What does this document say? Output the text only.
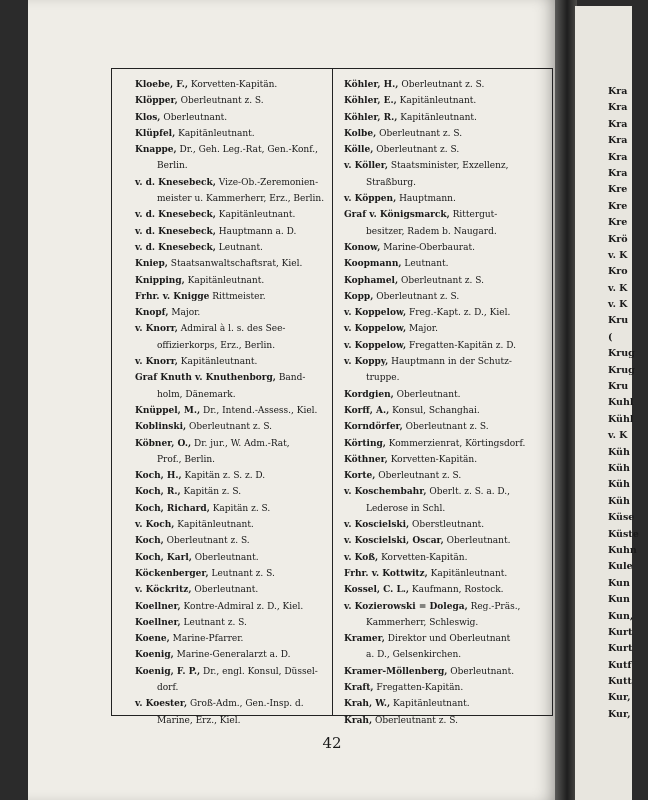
Kloebe, F., Korvetten-Kapitän.
Klöpper, Oberleutnant z. S.
Klos, Oberleutnant.
Klüpfel, Kapitänleutnant.
Knappe, Dr., Geh. Leg.-Rat, Gen.-Konf.,
Berlin.
v. d. Knesebeck, Vize-Ob.-Zeremonien-
meister u. Kammerherr, Erz., Berlin.
v. d. Knesebeck, Kapitänleutnant.
v. d. Knesebeck, Hauptmann a. D.
v. d. Knesebeck, Leutnant.
Kniep, Staatsanwaltschaftsrat, Kiel.
Knipping, Kapitänleutnant.
Frhr. v. Knigge Rittmeister.
Knopf, Major.
v. Knorr, Admiral à l. s. des See-
offizierkorps, Erz., Berlin.
v. Knorr, Kapitänleutnant.
Graf Knuth v. Knuthenborg, Band-
holm, Dänemark.
Knüppel, M., Dr., Intend.-Assess., Kiel.
Koblinski, Oberleutnant z. S.
Köbner, O., Dr. jur., W. Adm.-Rat,
Prof., Berlin.
Koch, H., Kapitän z. S. z. D.
Koch, R., Kapitän z. S.
Koch, Richard, Kapitän z. S.
v. Koch, Kapitänleutnant.
Koch, Oberleutnant z. S.
Koch, Karl, Oberleutnant.
Köckenberger, Leutnant z. S.
v. Köckritz, Oberleutnant.
Koellner, Kontre-Admiral z. D., Kiel.
Koellner, Leutnant z. S.
Koene, Marine-Pfarrer.
Koenig, Marine-Generalarzt a. D.
Koenig, F. P., Dr., engl. Konsul, Düssel-
dorf.
v. Koester, Groß-Adm., Gen.-Insp. d.
Marine, Erz., Kiel.
Köhler, H., Oberleutnant z. S.
Köhler, E., Kapitänleutnant.
Köhler, R., Kapitänleutnant.
Kolbe, Oberleutnant z. S.
Kölle, Oberleutnant z. S.
v. Köller, Staatsminister, Exzellenz,
Straßburg.
v. Köppen, Hauptmann.
Graf v. Königsmarck, Rittergut-
besitzer, Radem b. Naugard.
Konow, Marine-Oberbaurat.
Koopmann, Leutnant.
Kophamel, Oberleutnant z. S.
Kopp, Oberleutnant z. S.
v. Koppelow, Freg.-Kapt. z. D., Kiel.
v. Koppelow, Major.
v. Koppelow, Fregatten-Kapitän z. D.
v. Koppy, Hauptmann in der Schutz-
truppe.
Kordgien, Oberleutnant.
Korff, A., Konsul, Schanghai.
Korndörfer, Oberleutnant z. S.
Körting, Kommerzienrat, Körtingsdorf.
Köthner, Korvetten-Kapitän.
Korte, Oberleutnant z. S.
v. Koschembahr, Oberlt. z. S. a. D.,
Lederose in Schl.
v. Koscielski, Oberstleutnant.
v. Koscielski, Oscar, Oberleutnant.
v. Koß, Korvetten-Kapitän.
Frhr. v. Kottwitz, Kapitänleutnant.
Kossel, C. L., Kaufmann, Rostock.
v. Kozierowski = Dolega, Reg.-Präs.,
Kammerherr, Schleswig.
Kramer, Direktor und Oberleutnant
a. D., Gelsenkirchen.
Kramer-Möllenberg, Oberleutnant.
Kraft, Fregatten-Kapitän.
Krah, W., Kapitänleutnant.
Krah, Oberleutnant z. S.
42
Kra
Kra
Kra
Kra
Kra
Kra
Kre
Kre
Kre
Krö
v. K
Kro
v. K
v. K
Kru
(
Krug
Krug
Kru
Kuhl
Kühl
v. K
Küh
Küh
Küh
Küh
Küse
Küste
Kuhn
Kule
Kun
Kun
Kun,
Kurt
Kurt
Kutf
Kutt
Kur,
Kur,
